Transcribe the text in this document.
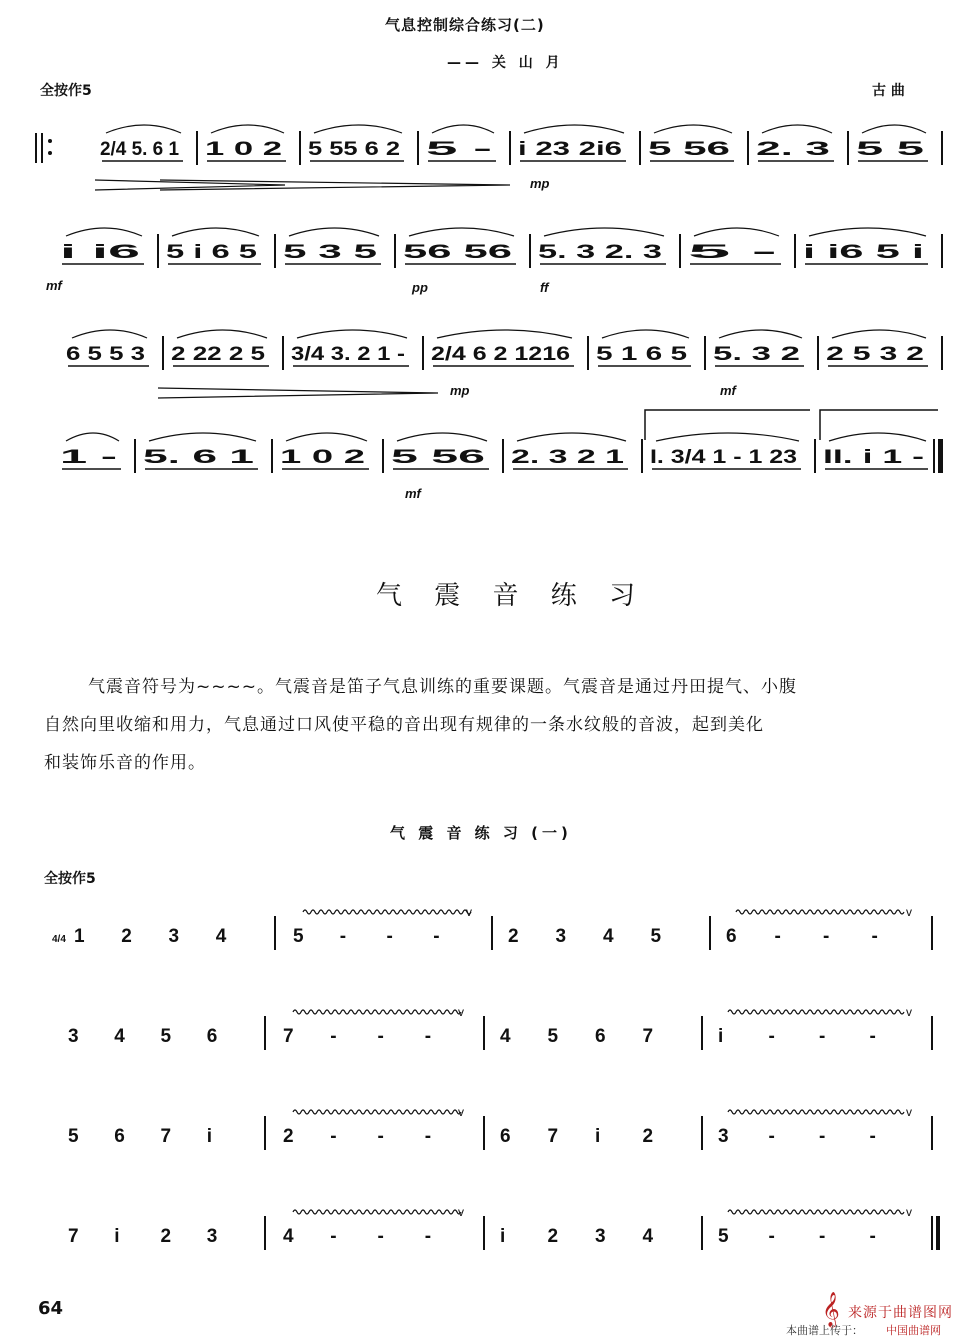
气息控制综合练习(二)
—— 关 山 月
全按作5	古 曲
2/4 5. 6 1 1 0 2 5 55 6 2 5 - i 23 2i6 5 56 2. 3 5 5
i i6 5 i 6 5 5 3 5 56 56 5. 3 2. 3 5 - i i6 5 i
6 5 5 3 2 22 2 5 3/4 3. 2 1 - 2/4 6 2 1216 5 1 6 5 5. 3 2 2 5 3 2
1 - 5. 6 1 1 0 2 5 56 2. 3 2 1 I. 3/4 1 - 1 23 II. i 1 -
mp
mf	pp	ff
mp	mf
mf
气 震 音 练 习
气震音符号为~~~~。气震音是笛子气息训练的重要课题。气震音是通过丹田提气、小腹
自然向里收缩和用力，气息通过口风使平稳的音出现有规律的一条水纹般的音波，起到美化
和装饰乐音的作用。
气 震 音 练 习 (一)
全按作5
4/4 1 2 3 4	5 - - -
v
2 3 4 5	6 - - -
v
3 4 5 6	7 - - -
v
4 5 6 7	i - - -
v
5 6 7 i	2 - - -
v
6 7 i 2	3 - - -
v
7 i 2 3	4 - - -
v
i 2 3 4	5 - - -
v
64
本曲谱上传于：
𝄞 来源于曲谱图网
中国曲谱网
